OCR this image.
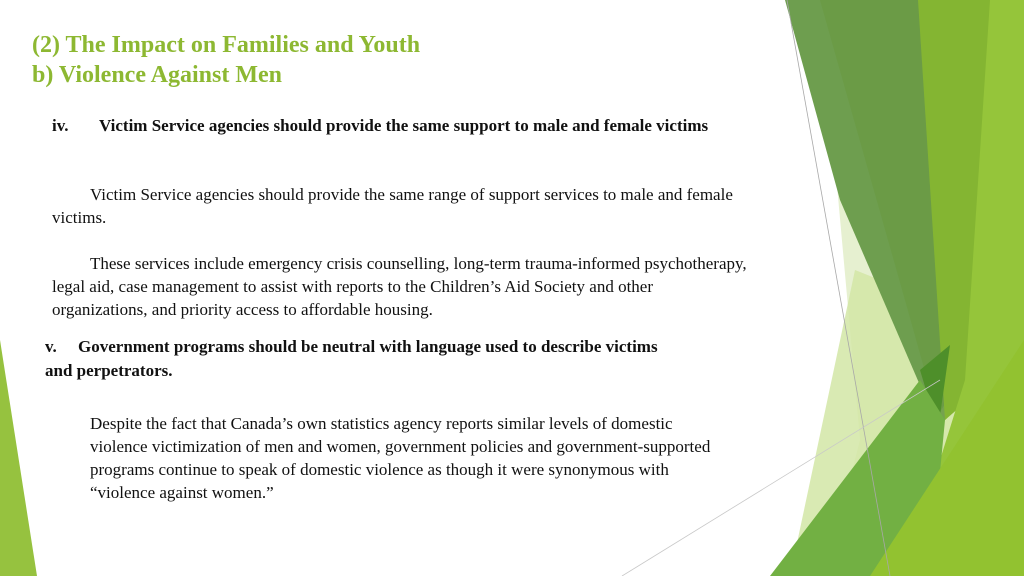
(2) The Impact on Families and Youth
b) Violence Against Men
iv. Victim Service agencies should provide the same support to male and female victims
Victim Service agencies should provide the same range of support services to male and female victims.
These services include emergency crisis counselling, long-term trauma-informed psychotherapy, legal aid, case management to assist with reports to the Children’s Aid Society and other organizations, and priority access to affordable housing.
v. Government programs should be neutral with language used to describe victims and perpetrators.
Despite the fact that Canada’s own statistics agency reports similar levels of domestic violence victimization of men and women, government policies and government-supported programs continue to speak of domestic violence as though it were synonymous with “violence against women.”
